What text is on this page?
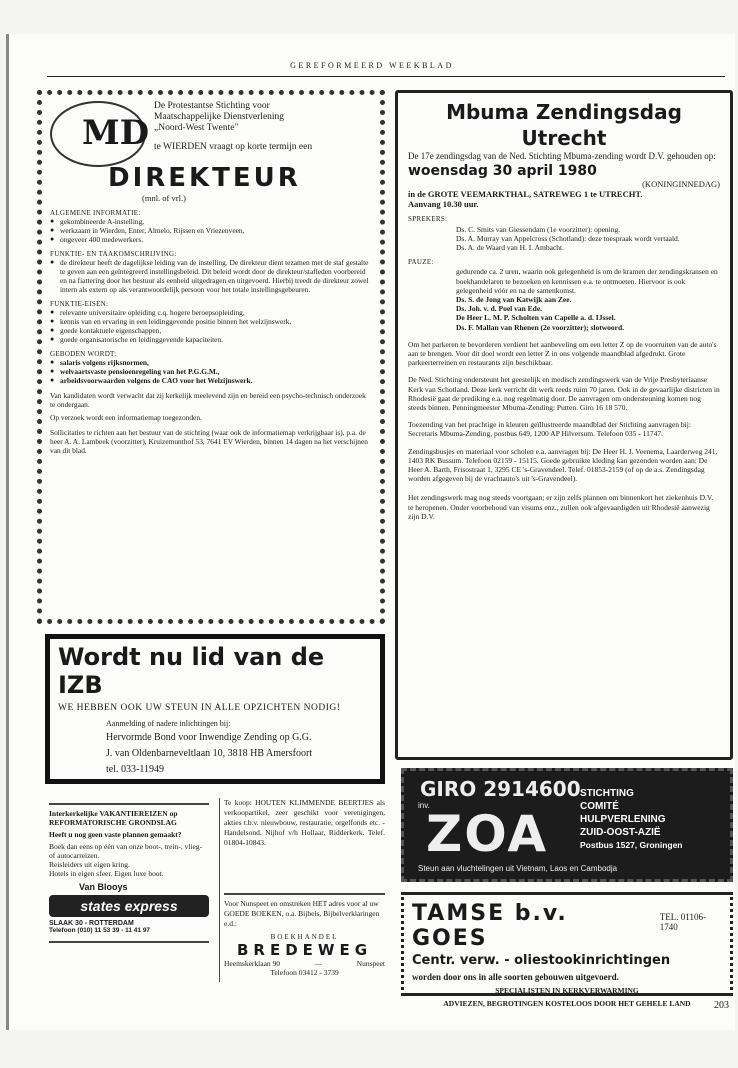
GEREFORMEERD WEEKBLAD
MD

De Protestantse Stichting voor

Maatschappelijke Dienstverlening

„Noord-West Twente"

te WIERDEN vraagt op korte termijn een

DIREKTEUR
(mnl. of vrl.)
ALGEMENE INFORMATIE:
● gekombineerde A-instelling,
● werkzaam in Wierden, Enter, Almelo, Rijssen en Vriezenveen,
● ongeveer 400 medewerkers.
FUNKTIE- EN TAAKOMSCHRIJVING:
● de direkteur heeft de dagelijkse leiding van de instelling. De direkteur dient tezamen met de staf gestalte te geven aan een geïntegreerd instellingsbeleid. Dit beleid wordt door de direkteur/stafleden voorbereid en na fiattering door het bestuur als eenheid uitgedragen en uitgevoerd. Hierbij treedt de direkteur zowel intern als extern op als verantwoordelijk persoon voor het totale instellingsgebeuren.
FUNKTIE-EISEN:
● relevante universitaire opleiding c.q. hogere beroepsopleiding,
● kennis van en ervaring in een leidinggevende positie binnen het welzijnswerk,
● goede kontaktuele eigenschappen,
● goede organisatorische en leidinggevende kapaciteiten.
GEBODEN WORDT:
● salaris volgens rijksnormen,
● welvaartsvaste pensioenregeling van het P.G.G.M.,
● arbeidsvoorwaarden volgens de CAO voor het Welzijnswerk.

Van kandidaten wordt verwacht dat zij kerkelijk meelevend zijn en bereid een psycho-technisch onderzoek te ondergaan.

Op verzoek wordt een informatiemap toegezonden.

Sollicitaties te richten aan het bestuur van de stichting (waar ook de informatiemap verkrijgbaar is), p.a. de heer A. A. Lambeek (voorzitter), Kruizemunthof 53, 7641 EV Wierden, binnen 14 dagen na het verschijnen van dit blad.

Wordt nu lid van de IZB

WE HEBBEN OOK UW STEUN IN ALLE OPZICHTEN NODIG!

Aanmelding of nadere inlichtingen bij:

Hervormde Bond voor Inwendige Zending op G.G.

J. van Oldenbarneveltlaan 10, 3818 HB Amersfoort

tel. 033-11949

Interkerkelijke VAKANTIEREIZEN op REFORMATORISCHE GRONDSLAG

Heeft u nog geen vaste plannen gemaakt?

Boek dan eens op één van onze boot-, trein-, vlieg- of autocarreizen.

Reisleiders uit eigen kring.

Hotels in eigen sfeer. Eigen luxe boot.

Van Blooys
states express

SLAAK 30 - ROTTERDAM

Telefoon (010) 11 53 39 - 11 41 97

Te koop: HOUTEN KLIMMENDE BEERTJES als verkoopartikel, zeer geschikt voor verenigingen, akties t.b.v. nieuwbouw, restauratie, orgelfonds etc. - Handelsond. Nijhof v/h Hollaar, Ridderkerk. Telef. 01804-10843.

Voor Nunspeet en omstreken HET adres voor al uw GOEDE BOEKEN, o.a. Bijbels, Bijbelverklaringen e.d.:

BOEKHANDEL

BREDEWEG

Heemskerklaan 90	—	Nunspeet

Telefoon 03412 - 3739

Mbuma Zendingsdag Utrecht

De 17e zendingsdag van de Ned. Stichting Mbuma-zending wordt D.V. gehouden op:

woensdag 30 april 1980

(KONINGINNEDAG)

in de GROTE VEEMARKTHAL, SATREWEG 1 te UTRECHT.

Aanvang 10.30 uur.

SPREKERS:

Ds. C. Smits van Giessendam (1e voorzitter): opening.

Ds. A. Murray van Appelcross (Schotland): deze toespraak wordt vertaald.

Ds. A. de Waard van H. I. Ambacht.

PAUZE:

gedurende ca. 2 uren, waarin ook gelegenheid is om de kramen der zendingskransen en boekhandelaren te bezoeken en kennissen e.a. te ontmoeten. Hiervoor is ook gelegenheid vóór en na de samenkomst.

Ds. S. de Jong van Katwijk aan Zee.

Ds. Joh. v. d. Poel van Ede.

De Heer L. M. P. Scholten van Capelle a. d. IJssel.

Ds. F. Mallan van Rhenen (2e voorzitter); slotwoord.

Om het parkeren te bevorderen verdient het aanbeveling om een letter Z op de voorruiten van de auto's aan te brengen. Voor dit doel wordt een letter Z in ons volgende maandblad afgedrukt. Grote parkeerterreinen en restaurants zijn beschikbaar.

De Ned. Stichting ondersteunt het geestelijk en medisch zendingswerk van de Vrije Presbyteriaanse Kerk van Schotland. Deze kerk verricht dit werk reeds ruim 70 jaren. Ook in de gevaarlijke districten in Rhodesië gaat de prediking e.a. nog regelmatig door. De aanvragen om ondersteuning komen nog steeds binnen. Penningmeester Mbuma-Zending: Putten. Giro 16 18 570.

Toezending van het prachtige in kleuren geïllustreerde maandblad der Stichting aanvragen bij: Secretaris Mbuma-Zending, postbus 649, 1200 AP Hilversum. Telefoon 035 - 11747.

Zendingsbusjes en materiaal voor scholen e.a. aanvragen bij: De Heer H. J. Veenema, Laarderweg 241, 1403 RK Bussum. Telefoon 02159 - 15115. Goede gebruikte kleding kan gezonden worden aan: De Heer A. Barth, Frisostraat 1, 3295 CE 's-Gravendeel. Telef. 01853-2159 (of op de a.s. Zendingsdag worden afgegeven bij de vrachtauto's uit 's-Gravendeel).

Het zendingswerk mag nog steeds voortgaan; er zijn zelfs plannen om binnenkort het ziekenhuis D.V. te heropenen. Onder voorbehoud van visums enz., zullen ook afgevaardigden uit Rhodesië aanwezig zijn D.V.

GIRO 2914600
inv.
ZOA

STICHTING

COMITÉ

HULPVERLENING

ZUID-OOST-AZIË

Postbus 1527, Groningen

Steun aan vluchtelingen uit Vietnam, Laos en Cambodja
TAMSE b.v. GOES
TEL. 01106-1740

Centr. verw. - oliestookinrichtingen

worden door ons in alle soorten gebouwen uitgevoerd.

SPECIALISTEN IN KERKVERWARMING

ADVIEZEN, BEGROTINGEN KOSTELOOS DOOR HET GEHELE LAND	203
